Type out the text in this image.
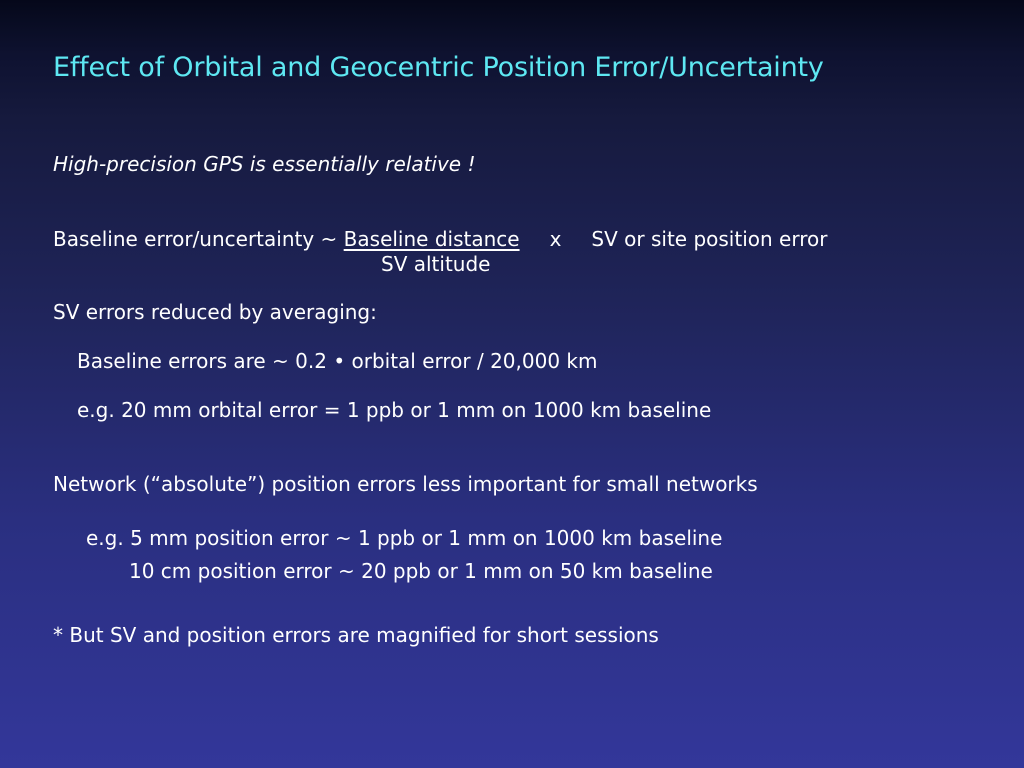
Effect of Orbital and Geocentric Position Error/Uncertainty
High-precision GPS is essentially relative !
Baseline error/uncertainty ~ Baseline distance x SV or site position error
SV altitude
SV errors reduced by averaging:
Baseline errors are ~ 0.2 • orbital error / 20,000 km
e.g. 20 mm orbital error = 1 ppb or 1 mm on 1000 km baseline
Network (“absolute”) position errors less important for small networks
e.g. 5 mm position error ~ 1 ppb or 1 mm on 1000 km baseline
10 cm position error ~ 20 ppb or 1 mm on 50 km baseline
* But SV and position errors are magnified for short sessions
